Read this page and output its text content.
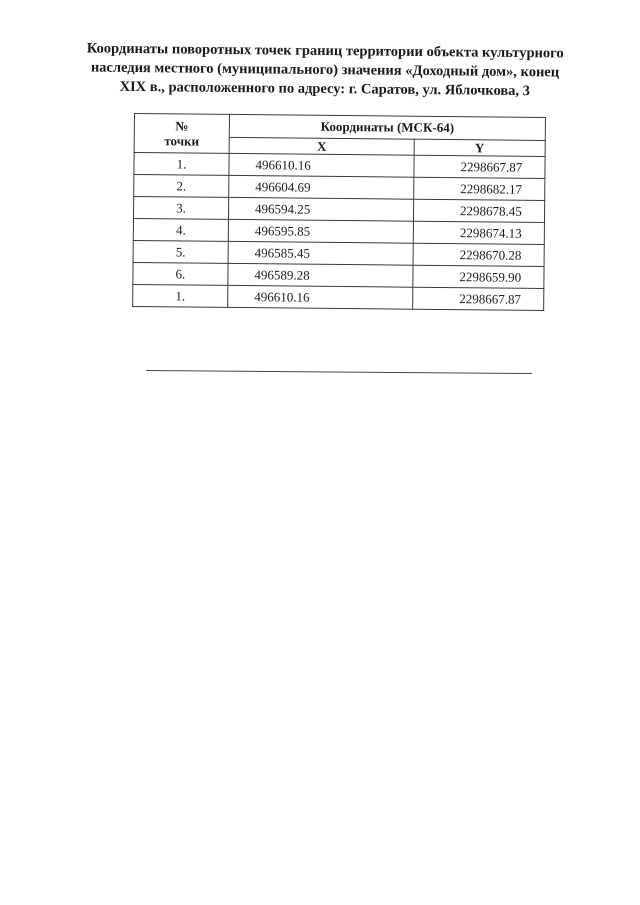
Координаты поворотных точек границ территории объекта культурного
наследия местного (муниципального) значения «Доходный дом», конец
XIX в., расположенного по адресу: г. Саратов, ул. Яблочкова, 3
№
точки	Координаты (МСК-64)	
	X	Y
1.	496610.16	2298667.87
2.	496604.69	2298682.17
3.	496594.25	2298678.45
4.	496595.85	2298674.13
5.	496585.45	2298670.28
6.	496589.28	2298659.90
1.	496610.16	2298667.87
